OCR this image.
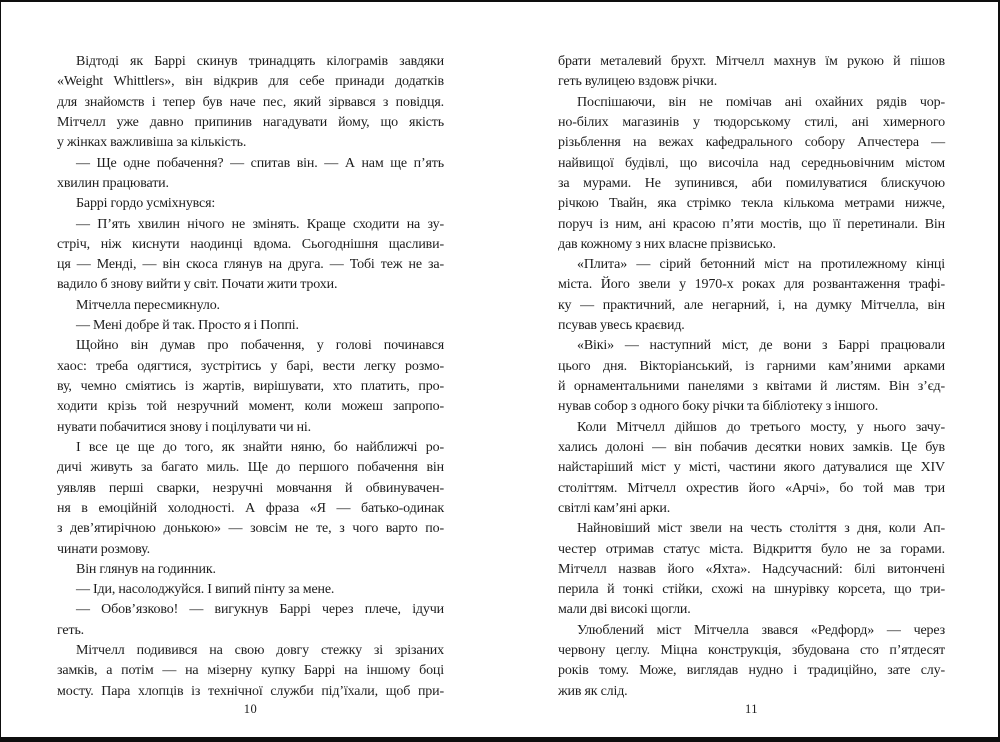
Відтоді як Баррі скинув тринадцять кілограмів завдяки
«Weight Whittlers», він відкрив для себе принади додатків
для знайомств і тепер був наче пес, який зірвався з повідця.
Мітчелл уже давно припинив нагадувати йому, що якість
у жінках важливіша за кількість.
— Ще одне побачення? — спитав він. — А нам ще п’ять
хвилин працювати.
Баррі гордо усміхнувся:
— П’ять хвилин нічого не змінять. Краще сходити на зу-
стріч, ніж киснути наодинці вдома. Сьогоднішня щасливи-
ця — Менді, — він скоса глянув на друга. — Тобі теж не за-
вадило б знову вийти у світ. Почати жити трохи.
Мітчелла пересмикнуло.
— Мені добре й так. Просто я і Поппі.
Щойно він думав про побачення, у голові починався
хаос: треба одягтися, зустрітись у барі, вести легку розмо-
ву, чемно сміятись із жартів, вирішувати, хто платить, про-
ходити крізь той незручний момент, коли можеш запропо-
нувати побачитися знову і поцілувати чи ні.
І все це ще до того, як знайти няню, бо найближчі ро-
дичі живуть за багато миль. Ще до першого побачення він
уявляв перші сварки, незручні мовчання й обвинувачен-
ня в емоційній холодності. А фраза «Я — батько-одинак
з дев’ятирічною донькою» — зовсім не те, з чого варто по-
чинати розмову.
Він глянув на годинник.
— Іди, насолоджуйся. І випий пінту за мене.
— Обов’язково! — вигукнув Баррі через плече, ідучи
геть.
Мітчелл подивився на свою довгу стежку зі зрізаних
замків, а потім — на мізерну купку Баррі на іншому боці
мосту. Пара хлопців із технічної служби під’їхали, щоб при-
10
брати металевий брухт. Мітчелл махнув їм рукою й пішов
геть вулицею вздовж річки.
Поспішаючи, він не помічав ані охайних рядів чор-
но-білих магазинів у тюдорському стилі, ані химерного
різьблення на вежах кафедрального собору Апчестера —
найвищої будівлі, що височіла над середньовічним містом
за мурами. Не зупинився, аби помилуватися блискучою
річкою Твайн, яка стрімко текла кількома метрами нижче,
поруч із ним, ані красою п’яти мостів, що її перетинали. Він
дав кожному з них власне прізвисько.
«Плита» — сірий бетонний міст на протилежному кінці
міста. Його звели у 1970-х роках для розвантаження трафі-
ку — практичний, але негарний, і, на думку Мітчелла, він
псував увесь краєвид.
«Вікі» — наступний міст, де вони з Баррі працювали
цього дня. Вікторіанський, із гарними кам’яними арками
й орнаментальними панелями з квітами й листям. Він з’єд-
нував собор з одного боку річки та бібліотеку з іншого.
Коли Мітчелл дійшов до третього мосту, у нього зачу-
хались долоні — він побачив десятки нових замків. Це був
найстаріший міст у місті, частини якого датувалися ще XIV
століттям. Мітчелл охрестив його «Арчі», бо той мав три
світлі кам’яні арки.
Найновіший міст звели на честь століття з дня, коли Ап-
честер отримав статус міста. Відкриття було не за горами.
Мітчелл назвав його «Яхта». Надсучасний: білі витончені
перила й тонкі стійки, схожі на шнурівку корсета, що три-
мали дві високі щогли.
Улюблений міст Мітчелла звався «Редфорд» — через
червону цеглу. Міцна конструкція, збудована сто п’ятдесят
років тому. Може, виглядав нудно і традиційно, зате слу-
жив як слід.
11
